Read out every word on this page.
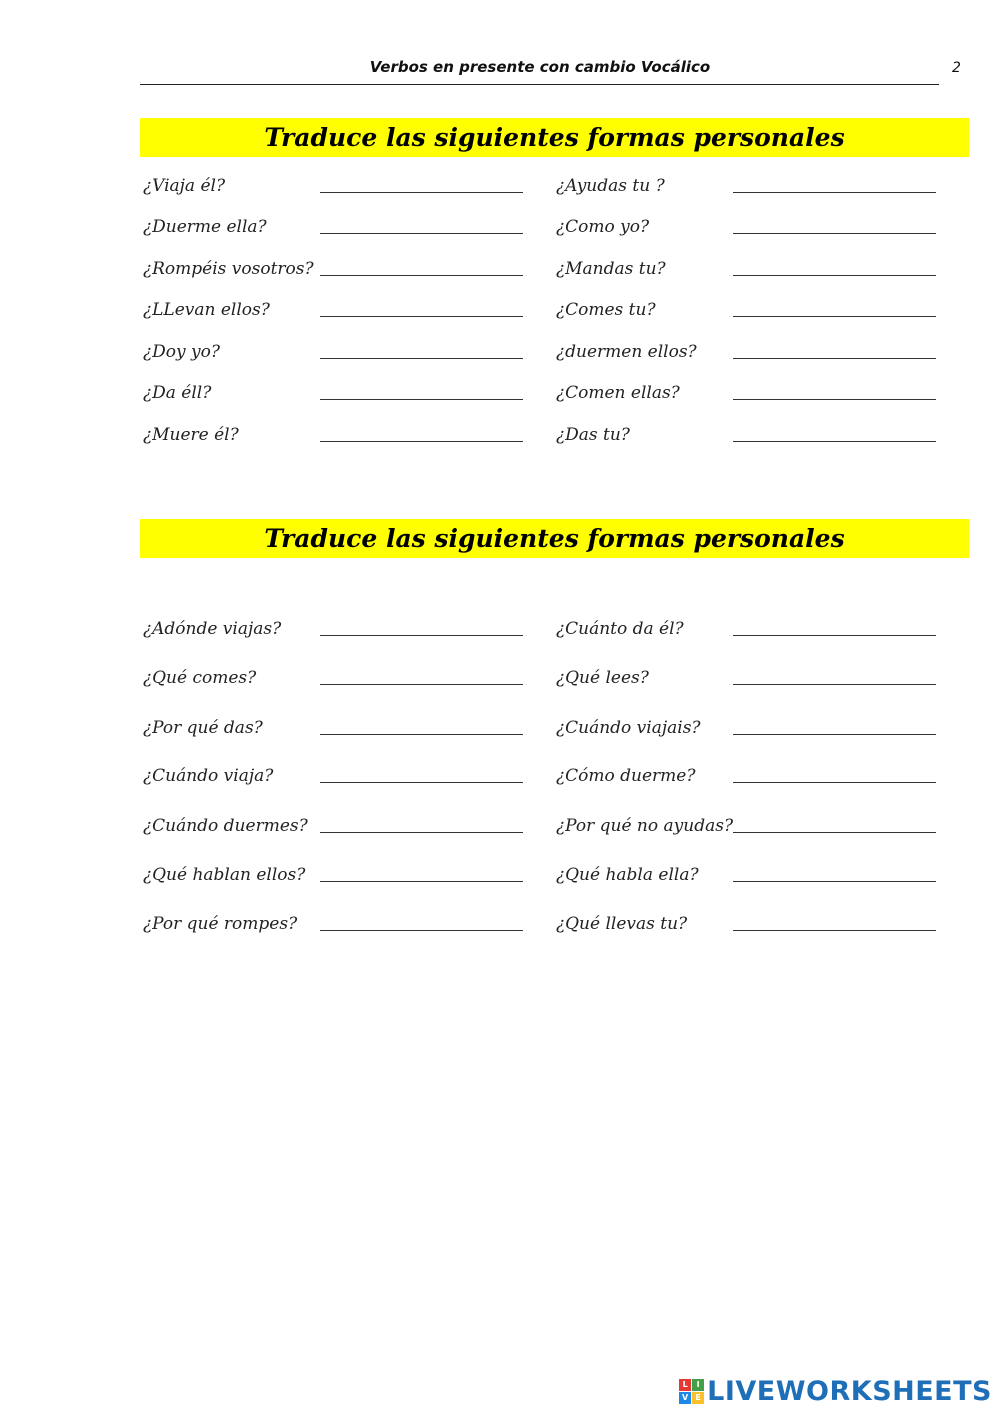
Verbos en presente con cambio Vocálico	2
Traduce las siguientes formas personales
Traduce las siguientes formas personales
¿Viaja él?
¿Duerme ella?
¿Rompéis vosotros?
¿LLevan ellos?
¿Doy yo?
¿Da éll?
¿Muere él?
¿Ayudas tu ?
¿Como yo?
¿Mandas tu?
¿Comes tu?
¿duermen ellos?
¿Comen ellas?
¿Das tu?
¿Adónde viajas?
¿Qué comes?
¿Por qué das?
¿Cuándo viaja?
¿Cuándo duermes?
¿Qué hablan ellos?
¿Por qué rompes?
¿Cuánto da él?
¿Qué lees?
¿Cuándo viajais?
¿Cómo duerme?
¿Por qué no ayudas?
¿Qué habla ella?
¿Qué llevas tu?
L	I
V E LIVEWORKSHEETS
